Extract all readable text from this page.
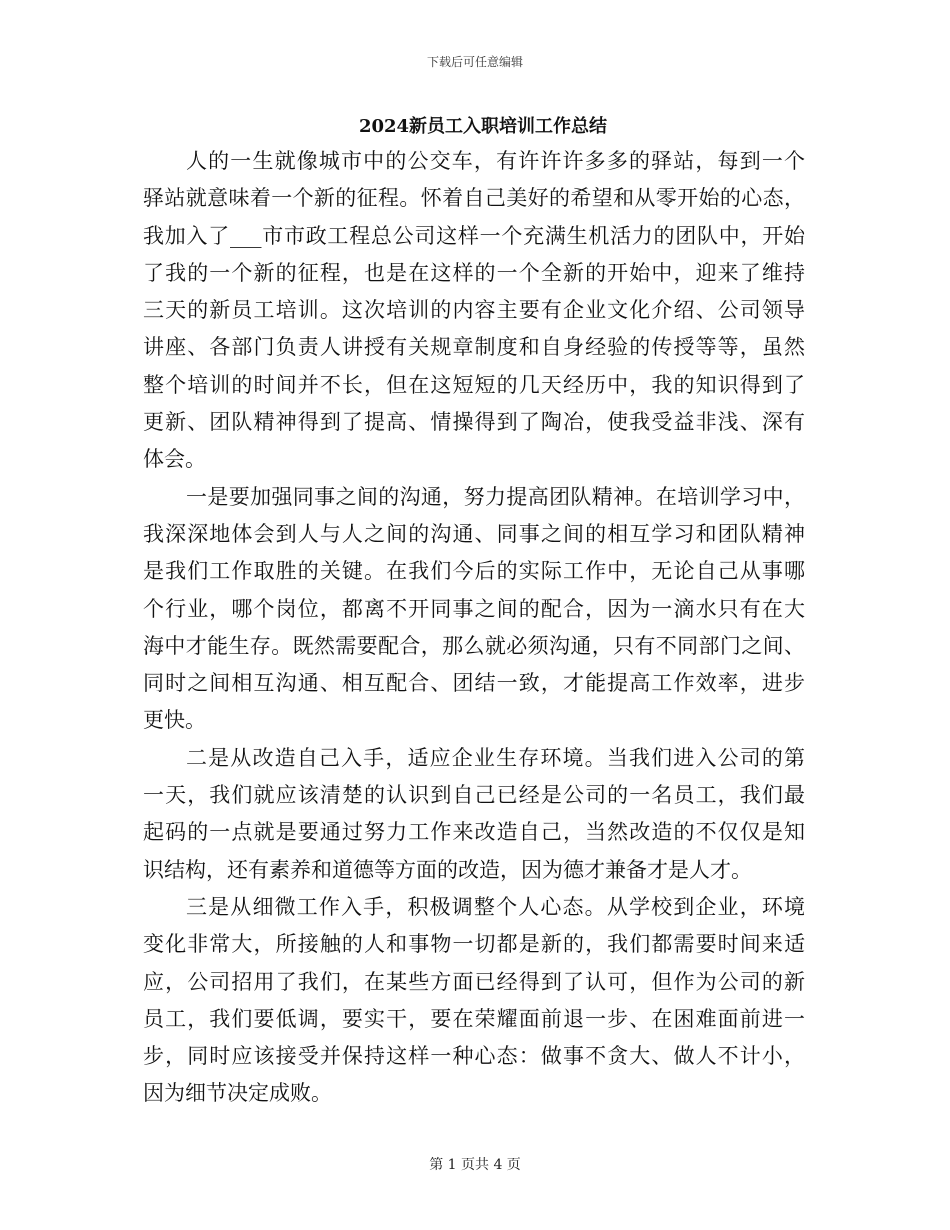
下载后可任意编辑
2024新员工入职培训工作总结
人的一生就像城市中的公交车，有许许许多多的驿站，每到一个
驿站就意味着一个新的征程。怀着自己美好的希望和从零开始的心态，
我加入了___市市政工程总公司这样一个充满生机活力的团队中，开始
了我的一个新的征程，也是在这样的一个全新的开始中，迎来了维持
三天的新员工培训。这次培训的内容主要有企业文化介绍、公司领导
讲座、各部门负责人讲授有关规章制度和自身经验的传授等等，虽然
整个培训的时间并不长，但在这短短的几天经历中，我的知识得到了
更新、团队精神得到了提高、情操得到了陶冶，使我受益非浅、深有
体会。
一是要加强同事之间的沟通，努力提高团队精神。在培训学习中，
我深深地体会到人与人之间的沟通、同事之间的相互学习和团队精神
是我们工作取胜的关键。在我们今后的实际工作中，无论自己从事哪
个行业，哪个岗位，都离不开同事之间的配合，因为一滴水只有在大
海中才能生存。既然需要配合，那么就必须沟通，只有不同部门之间、
同时之间相互沟通、相互配合、团结一致，才能提高工作效率，进步
更快。
二是从改造自己入手，适应企业生存环境。当我们进入公司的第
一天，我们就应该清楚的认识到自己已经是公司的一名员工，我们最
起码的一点就是要通过努力工作来改造自己，当然改造的不仅仅是知
识结构，还有素养和道德等方面的改造，因为德才兼备才是人才。
三是从细微工作入手，积极调整个人心态。从学校到企业，环境
变化非常大，所接触的人和事物一切都是新的，我们都需要时间来适
应，公司招用了我们，在某些方面已经得到了认可，但作为公司的新
员工，我们要低调，要实干，要在荣耀面前退一步、在困难面前进一
步，同时应该接受并保持这样一种心态：做事不贪大、做人不计小，
因为细节决定成败。
第 1 页共 4 页
